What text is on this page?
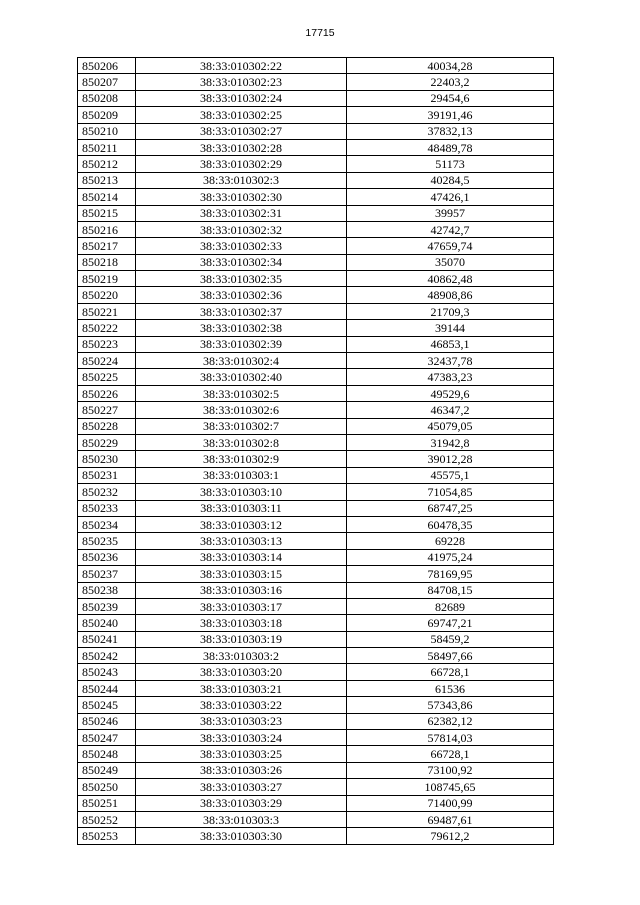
17715
850206	38:33:010302:22	40034,28
850207	38:33:010302:23	22403,2
850208	38:33:010302:24	29454,6
850209	38:33:010302:25	39191,46
850210	38:33:010302:27	37832,13
850211	38:33:010302:28	48489,78
850212	38:33:010302:29	51173
850213	38:33:010302:3	40284,5
850214	38:33:010302:30	47426,1
850215	38:33:010302:31	39957
850216	38:33:010302:32	42742,7
850217	38:33:010302:33	47659,74
850218	38:33:010302:34	35070
850219	38:33:010302:35	40862,48
850220	38:33:010302:36	48908,86
850221	38:33:010302:37	21709,3
850222	38:33:010302:38	39144
850223	38:33:010302:39	46853,1
850224	38:33:010302:4	32437,78
850225	38:33:010302:40	47383,23
850226	38:33:010302:5	49529,6
850227	38:33:010302:6	46347,2
850228	38:33:010302:7	45079,05
850229	38:33:010302:8	31942,8
850230	38:33:010302:9	39012,28
850231	38:33:010303:1	45575,1
850232	38:33:010303:10	71054,85
850233	38:33:010303:11	68747,25
850234	38:33:010303:12	60478,35
850235	38:33:010303:13	69228
850236	38:33:010303:14	41975,24
850237	38:33:010303:15	78169,95
850238	38:33:010303:16	84708,15
850239	38:33:010303:17	82689
850240	38:33:010303:18	69747,21
850241	38:33:010303:19	58459,2
850242	38:33:010303:2	58497,66
850243	38:33:010303:20	66728,1
850244	38:33:010303:21	61536
850245	38:33:010303:22	57343,86
850246	38:33:010303:23	62382,12
850247	38:33:010303:24	57814,03
850248	38:33:010303:25	66728,1
850249	38:33:010303:26	73100,92
850250	38:33:010303:27	108745,65
850251	38:33:010303:29	71400,99
850252	38:33:010303:3	69487,61
850253	38:33:010303:30	79612,2
